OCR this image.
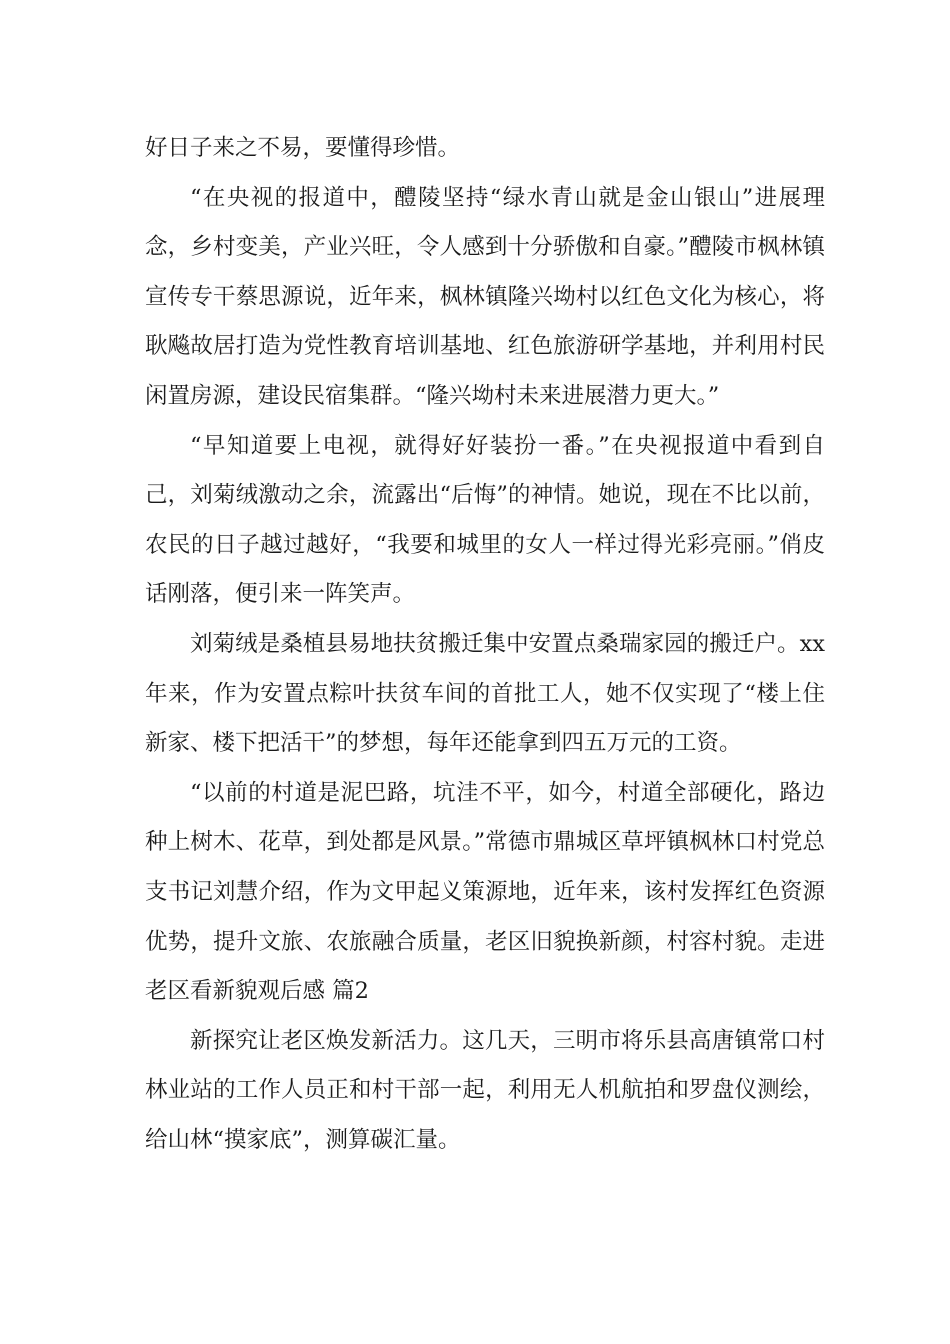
好日子来之不易，要懂得珍惜。

“在央视的报道中，醴陵坚持“绿水青山就是金山银山”进展理念，乡村变美，产业兴旺，令人感到十分骄傲和自豪。”醴陵市枫林镇宣传专干蔡思源说，近年来，枫林镇隆兴坳村以红色文化为核心，将耿飚故居打造为党性教育培训基地、红色旅游研学基地，并利用村民闲置房源，建设民宿集群。“隆兴坳村未来进展潜力更大。”

“早知道要上电视，就得好好装扮一番。”在央视报道中看到自己，刘菊绒激动之余，流露出“后悔”的神情。她说，现在不比以前，农民的日子越过越好，“我要和城里的女人一样过得光彩亮丽。”俏皮话刚落，便引来一阵笑声。

刘菊绒是桑植县易地扶贫搬迁集中安置点桑瑞家园的搬迁户。xx年来，作为安置点粽叶扶贫车间的首批工人，她不仅实现了“楼上住新家、楼下把活干”的梦想，每年还能拿到四五万元的工资。

“以前的村道是泥巴路，坑洼不平，如今，村道全部硬化，路边种上树木、花草，到处都是风景。”常德市鼎城区草坪镇枫林口村党总支书记刘慧介绍，作为文甲起义策源地，近年来，该村发挥红色资源优势，提升文旅、农旅融合质量，老区旧貌换新颜，村容村貌。走进老区看新貌观后感 篇2

新探究让老区焕发新活力。这几天，三明市将乐县高唐镇常口村林业站的工作人员正和村干部一起，利用无人机航拍和罗盘仪测绘，给山林“摸家底”，测算碳汇量。
